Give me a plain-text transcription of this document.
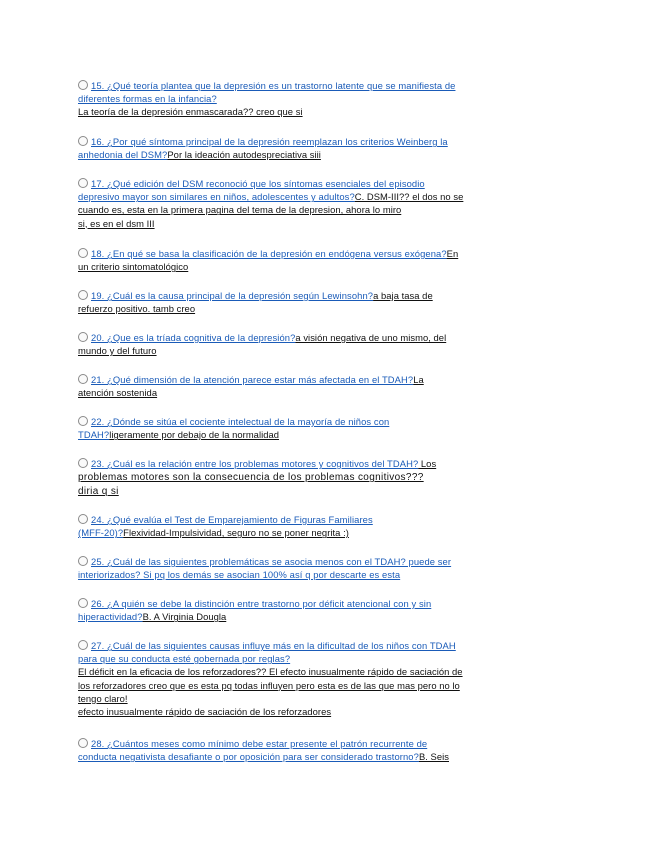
15. ¿Qué teoría plantea que la depresión es un trastorno latente que se manifiesta de
diferentes formas en la infancia?
La teoría de la depresión enmascarada?? creo que si
16. ¿Por qué síntoma principal de la depresión reemplazan los criterios Weinberg la
anhedonia del DSM?Por la ideación autodespreciativa siii
17. ¿Qué edición del DSM reconoció que los síntomas esenciales del episodio
depresivo mayor son similares en niños, adolescentes y adultos?C. DSM-III?? el dos no se
cuando es, esta en la primera pagina del tema de la depresion, ahora lo miro
si, es en el dsm III
18. ¿En qué se basa la clasificación de la depresión en endógena versus exógena?En
un criterio sintomatológico
19. ¿Cuál es la causa principal de la depresión según Lewinsohn?a baja tasa de
refuerzo positivo. tamb creo
20. ¿Que es la tríada cognitiva de la depresión?a visión negativa de uno mismo, del
mundo y del futuro
21. ¿Qué dimensión de la atención parece estar más afectada en el TDAH?La
atención sostenida
22. ¿Dónde se sitúa el cociente intelectual de la mayoría de niños con
TDAH?ligeramente por debajo de la normalidad
23. ¿Cuál es la relación entre los problemas motores y cognitivos del TDAH? Los
problemas motores son la consecuencia de los problemas cognitivos???
diria q si
24. ¿Qué evalúa el Test de Emparejamiento de Figuras Familiares
(MFF-20)?Flexividad-Impulsividad, seguro no se poner negrita :)
25. ¿Cuál de las siguientes problemáticas se asocia menos con el TDAH? puede ser
interiorizados? Si pq los demás se asocian 100% así q por descarte es esta
26. ¿A quién se debe la distinción entre trastorno por déficit atencional con y sin
hiperactividad?B. A Virginia Dougla
27. ¿Cuál de las siguientes causas influye más en la dificultad de los niños con TDAH
para que su conducta esté gobernada por reglas?
El déficit en la eficacia de los reforzadores?? El efecto inusualmente rápido de saciación de
los reforzadores creo que es esta pq todas influyen pero esta es de las que mas pero no lo
tengo claro!
efecto inusualmente rápido de saciación de los reforzadores
28. ¿Cuántos meses como mínimo debe estar presente el patrón recurrente de
conducta negativista desafiante o por oposición para ser considerado trastorno?B. Seis
